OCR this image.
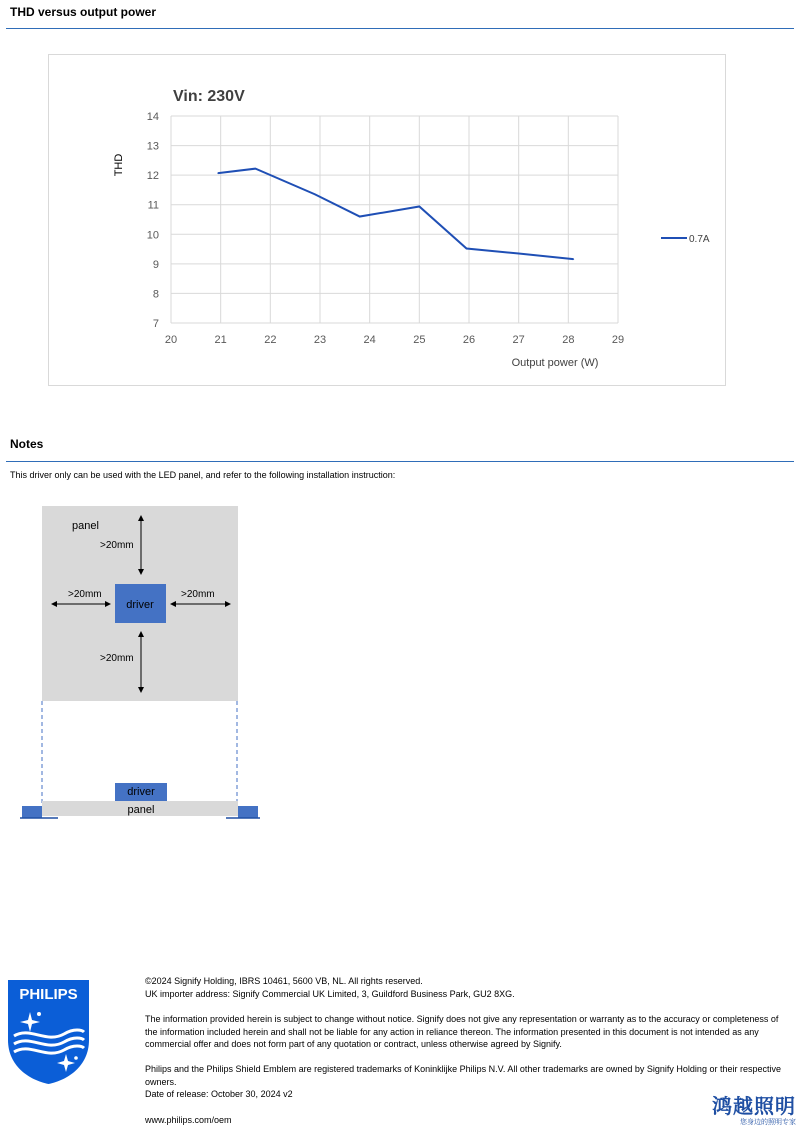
THD versus output power
Vin: 230V
THD
Output power (W)
20	21	22	23	24	25	26	27	28	29
7
8
9
10
11
12
13
14
0.7A
Notes
This driver only can be used with the LED panel, and refer to the following installation instruction:
panel
driver
>20mm
>20mm	>20mm
>20mm
driver
panel
PHILIPS

©2024 Signify Holding, IBRS 10461, 5600 VB, NL. All rights reserved.

UK importer address: Signify Commercial UK Limited, 3, Guildford Business Park, GU2 8XG.

The information provided herein is subject to change without notice. Signify does not give any representation or warranty as to the accuracy or completeness of the information included herein and shall not be liable for any action in reliance thereon. The information presented in this document is not intended as any commercial offer and does not form part of any quotation or contract, unless otherwise agreed by Signify.

Philips and the Philips Shield Emblem are registered trademarks of Koninklijke Philips N.V. All other trademarks are owned by Signify Holding or their respective owners.

Date of release: October 30, 2024 v2

www.philips.com/oem
鸿越照明
您身边的照明专家
